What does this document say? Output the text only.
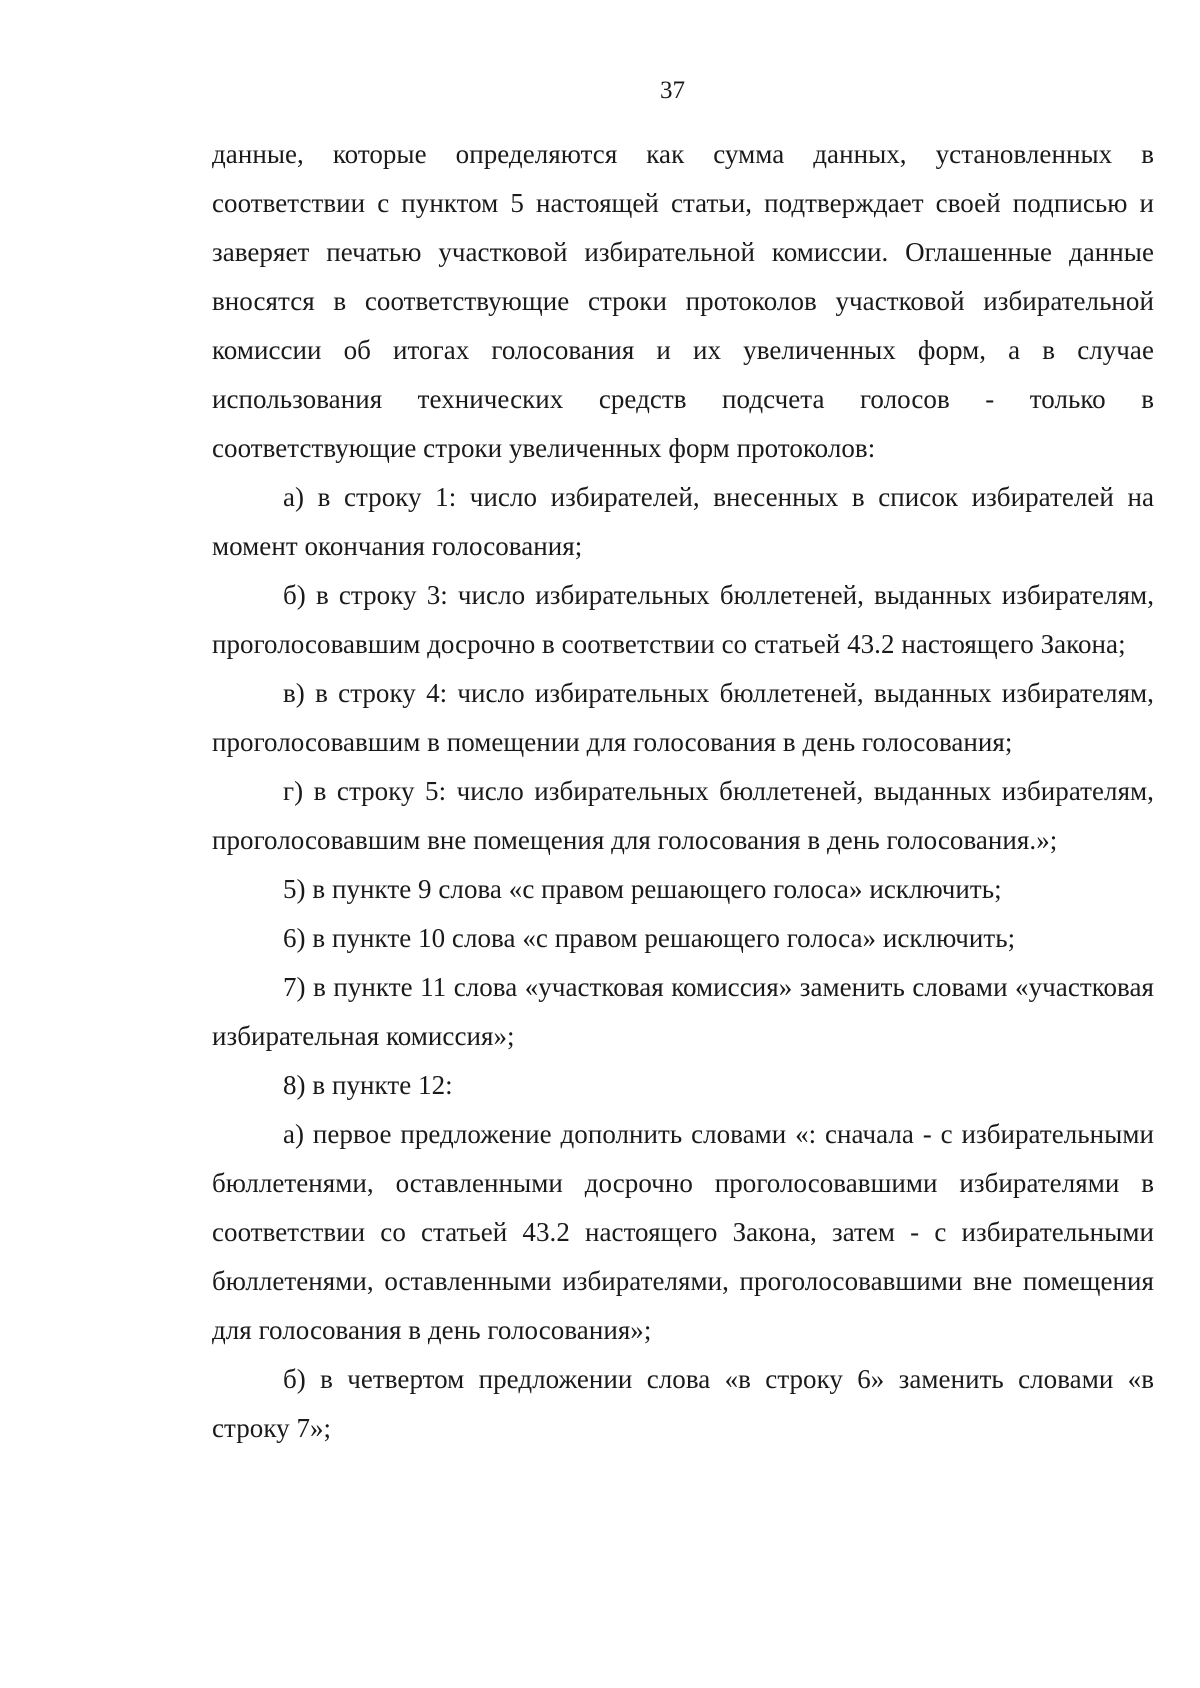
37

данные, которые определяются как сумма данных, установленных в соответствии с пунктом 5 настоящей статьи, подтверждает своей подписью и заверяет печатью участковой избирательной комиссии. Оглашенные данные вносятся в соответствующие строки протоколов участковой избирательной комиссии об итогах голосования и их увеличенных форм, а в случае использования технических средств подсчета голосов - только в соответствующие строки увеличенных форм протоколов:

а) в строку 1: число избирателей, внесенных в список избирателей на момент окончания голосования;

б) в строку 3: число избирательных бюллетеней, выданных избирателям, проголосовавшим досрочно в соответствии со статьей 43.2 настоящего Закона;

в) в строку 4: число избирательных бюллетеней, выданных избирателям, проголосовавшим в помещении для голосования в день голосования;

г) в строку 5: число избирательных бюллетеней, выданных избирателям, проголосовавшим вне помещения для голосования в день голосования.»;

5) в пункте 9 слова «с правом решающего голоса» исключить;

6) в пункте 10 слова «с правом решающего голоса» исключить;

7) в пункте 11 слова «участковая комиссия» заменить словами «участковая избирательная комиссия»;

8) в пункте 12:

а) первое предложение дополнить словами «: сначала - с избирательными бюллетенями, оставленными досрочно проголосовавшими избирателями в соответствии со статьей 43.2 настоящего Закона, затем - с избирательными бюллетенями, оставленными избирателями, проголосовавшими вне помещения для голосования в день голосования»;

б) в четвертом предложении слова «в строку 6» заменить словами «в строку 7»;
